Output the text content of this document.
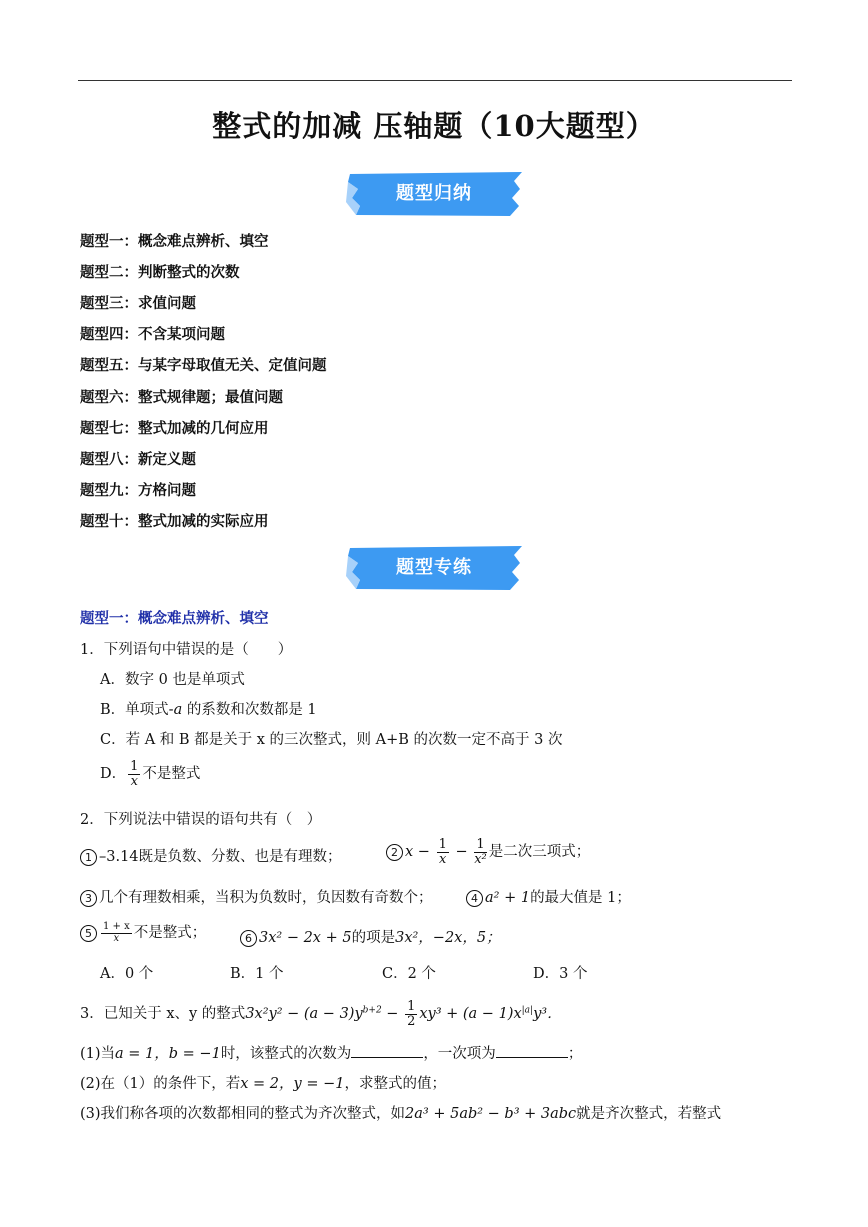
整式的加减 压轴题（10大题型）
题型归纳
题型一：概念难点辨析、填空
题型二：判断整式的次数
题型三：求值问题
题型四：不含某项问题
题型五：与某字母取值无关、定值问题
题型六：整式规律题；最值问题
题型七：整式加减的几何应用
题型八：新定义题
题型九：方格问题
题型十：整式加减的实际应用
题型专练
题型一：概念难点辨析、填空
1．下列语句中错误的是（　　）
A．数字 0 也是单项式
B．单项式-a 的系数和次数都是 1
C．若 A 和 B 都是关于 x 的三次整式，则 A+B 的次数一定不高于 3 次
D． $\frac{1}{x}$ 不是整式
2．下列说法中错误的语句共有（　）
1 –3.14既是负数、分数、也是有理数；	2 $x - \frac{1}{x} - \frac{1}{\text{x²}}$ 是二次三项式；
3 几个有理数相乘，当积为负数时，负因数有奇数个；	4 a² + 1的最大值是 1；
$5 \frac{1 + x}{x}$ 不是整式；	6 3x² − 2x + 5的项是3x²，−2x，5；
A．0 个	B．1 个	C．2 个	D．3 个
3．已知关于 x、y 的整式$3x^2y^2 - (a - 3)y^{b+2} - \frac{1}{2} xy^3 + (a - 1)x^{|a|}y^3$．
(1)当a = 1，b = −1时，该整式的次数为	，一次项为	；
(2)在（1）的条件下，若x = 2，y = −1，求整式的值；
(3)我们称各项的次数都相同的整式为齐次整式，如2a³ + 5ab² − b³ + 3abc就是齐次整式，若整式
